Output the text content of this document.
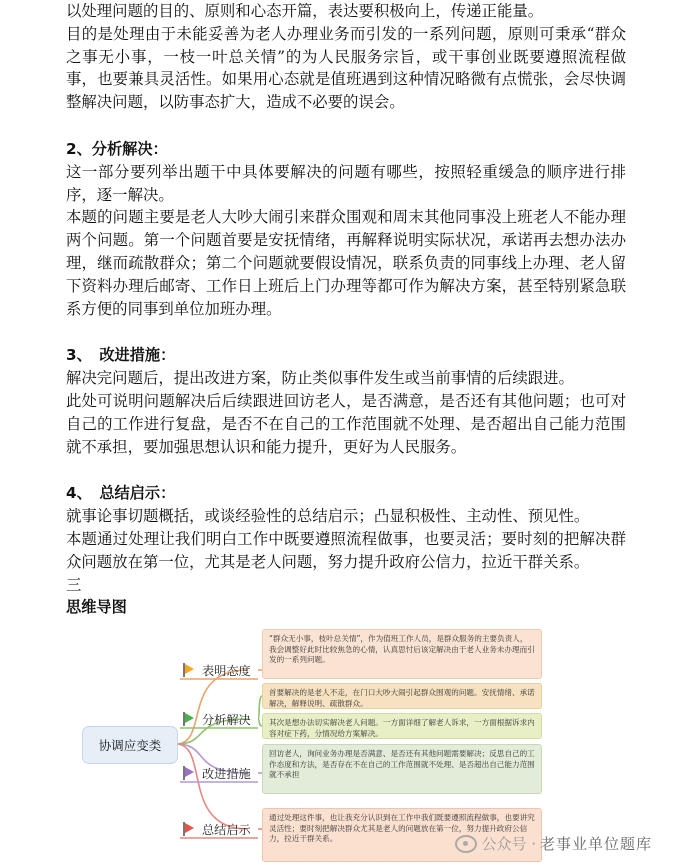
以处理问题的目的、原则和心态开篇，表达要积极向上，传递正能量。

目的是处理由于未能妥善为老人办理业务而引发的一系列问题，原则可秉承“群众之事无小事，一枝一叶总关情”的为人民服务宗旨，或干事创业既要遵照流程做事，也要兼具灵活性。如果用心态就是值班遇到这种情况略微有点慌张，会尽快调整解决问题，以防事态扩大，造成不必要的误会。

2、分析解决：

这一部分要列举出题干中具体要解决的问题有哪些，按照轻重缓急的顺序进行排序，逐一解决。

本题的问题主要是老人大吵大闹引来群众围观和周末其他同事没上班老人不能办理两个问题。第一个问题首要是安抚情绪，再解释说明实际状况，承诺再去想办法办理，继而疏散群众；第二个问题就要假设情况，联系负责的同事线上办理、老人留下资料办理后邮寄、工作日上班后上门办理等都可作为解决方案，甚至特别紧急联系方便的同事到单位加班办理。

3、　改进措施：

解决完问题后，提出改进方案，防止类似事件发生或当前事情的后续跟进。

此处可说明问题解决后后续跟进回访老人，是否满意，是否还有其他问题；也可对自己的工作进行复盘，是否不在自己的工作范围就不处理、是否超出自己能力范围就不承担，要加强思想认识和能力提升，更好为人民服务。

4、　总结启示：

就事论事切题概括，或谈经验性的总结启示；凸显积极性、主动性、预见性。

本题通过处理让我们明白工作中既要遵照流程做事，也要灵活；要时刻的把解决群众问题放在第一位，尤其是老人问题，努力提升政府公信力，拉近干群关系。

三

思维导图

协调应变类
表明态度
分析解决
改进措施
总结启示
“群众无小事，枝叶总关情”，作为值班工作人员，是群众服务的主要负责人，我会调整好此时比较焦急的心情，认真思忖后该定解决由于老人业务未办理而引发的一系列问题。
首要解决的是老人不走，在门口大吵大闹引起群众围观的问题。安抚情绪、承诺解决，解释说明、疏散群众。
其次是想办法切实解决老人问题。一方面详细了解老人诉求，一方面根据诉求内容对症下药，分情况给方案解决。
回访老人，询问业务办理是否满意、是否还有其他问题需要解决；反思自己的工作态度和方法，是否存在不在自己的工作范围就不处理、是否超出自己能力范围就不承担
通过处理这件事，也让我充分认识到在工作中我们既要遵照流程做事，也要讲究灵活性；要时刻把解决群众尤其是老人的问题放在第一位，努力提升政府公信力，拉近干群关系。	公众号 · 老事业单位题库
